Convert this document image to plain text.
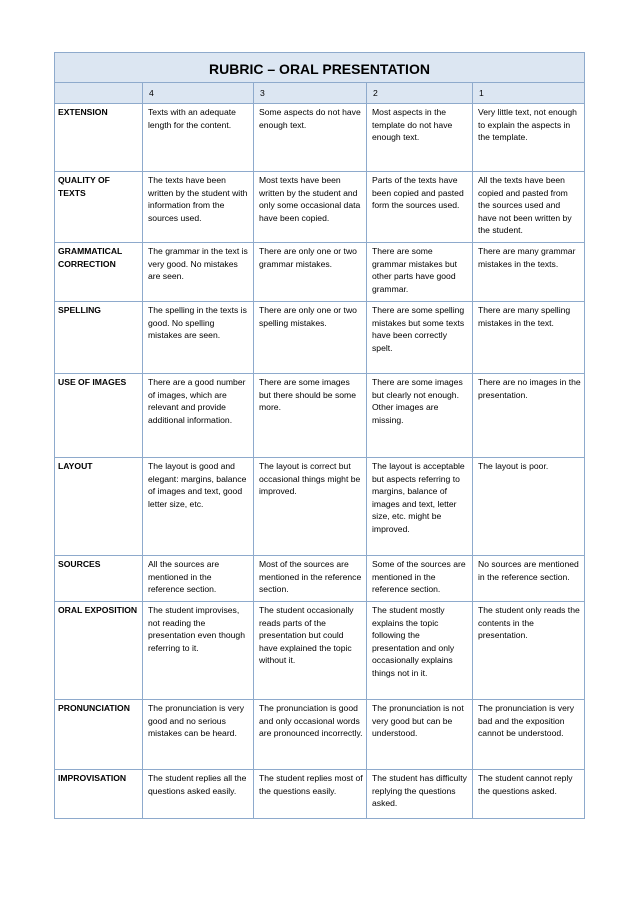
RUBRIC – ORAL PRESENTATION				
	4	3	2	1
EXTENSION	Texts with an adequate length for the content.	Some aspects do not have enough text.	Most aspects in the template do not have enough text.	Very little text, not enough to explain the aspects in the template.
QUALITY OF TEXTS	The texts have been written by the student with information from the sources used.	Most texts have been written by the student and only some occasional data have been copied.	Parts of the texts have been copied and pasted form the sources used.	All the texts have been copied and pasted from the sources used and have not been written by the student.
GRAMMATICAL CORRECTION	The grammar in the text is very good. No mistakes are seen.	There are only one or two grammar mistakes.	There are some grammar mistakes but other parts have good grammar.	There are many grammar mistakes in the texts.
SPELLING	The spelling in the texts is good. No spelling mistakes are seen.	There are only one or two spelling mistakes.	There are some spelling mistakes but some texts have been correctly spelt.	There are many spelling mistakes in the text.
USE OF IMAGES	There are a good number of images, which are relevant and provide additional information.	There are some images but there should be some more.	There are some images but clearly not enough. Other images are missing.	There are no images in the presentation.
LAYOUT	The layout is good and elegant: margins, balance of images and text, good letter size, etc.	The layout is correct but occasional things might be improved.	The layout is acceptable but aspects referring to margins, balance of images and text, letter size, etc. might be improved.	The layout is poor.
SOURCES	All the sources are mentioned in the reference section.	Most of the sources are mentioned in the reference section.	Some of the sources are mentioned in the reference section.	No sources are mentioned in the reference section.
ORAL EXPOSITION	The student improvises, not reading the presentation even though referring to it.	The student occasionally reads parts of the presentation but could have explained the topic without it.	The student mostly explains the topic following the presentation and only occasionally explains things not in it.	The student only reads the contents in the presentation.
PRONUNCIATION	The pronunciation is very good and no serious mistakes can be heard.	The pronunciation is good and only occasional words are pronounced incorrectly.	The pronunciation is not very good but can be understood.	The pronunciation is very bad and the exposition cannot be understood.
IMPROVISATION	The student replies all the questions asked easily.	The student replies most of the questions easily.	The student has difficulty replying the questions asked.	The student cannot reply the questions asked.
